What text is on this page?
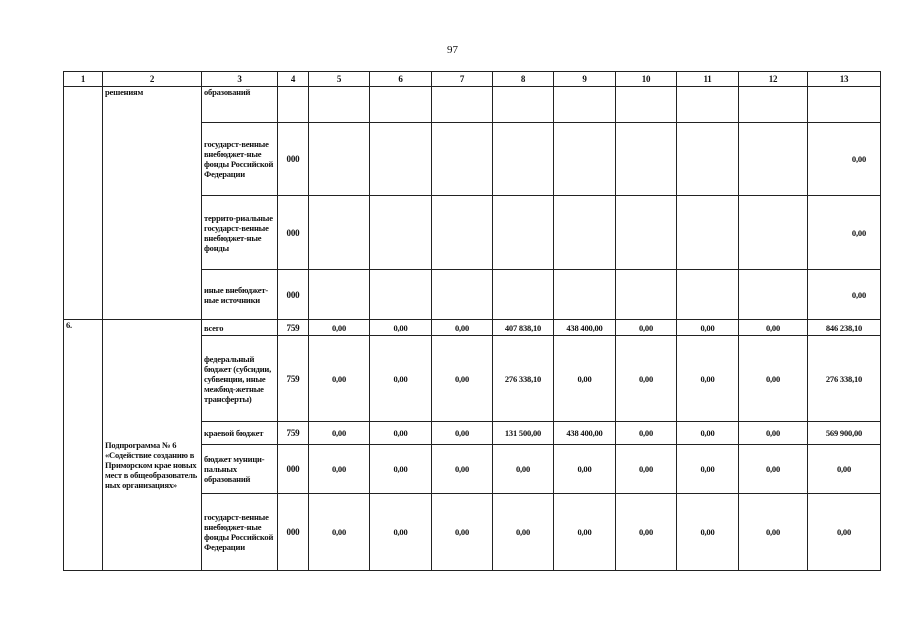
97
1	2	3	4	5	6	7	8	9	10	11	12	13
	решениям	образований										
		государст-венные внебюджет-ные фонды Российской Федерации	000									0,00
		террито-риальные государст-венные внебюджет-ные фонды	000									0,00
		иные внебюджет-ные источники	000									0,00
6.	Подпрограмма № 6 «Содействие созданию в Приморском крае новых мест в общеобразователь ных организациях»	всего	759	0,00	0,00	0,00	407 838,10	438 400,00	0,00	0,00	0,00	846 238,10
		федеральный бюджет (субсидии, субвенции, иные межбюд-жетные трансферты)	759	0,00	0,00	0,00	276 338,10	0,00	0,00	0,00	0,00	276 338,10
		краевой бюджет	759	0,00	0,00	0,00	131 500,00	438 400,00	0,00	0,00	0,00	569 900,00
		бюджет муници-пальных образований	000	0,00	0,00	0,00	0,00	0,00	0,00	0,00	0,00	0,00
		государст-венные внебюджет-ные фонды Российской Федерации	000	0,00	0,00	0,00	0,00	0,00	0,00	0,00	0,00	0,00
